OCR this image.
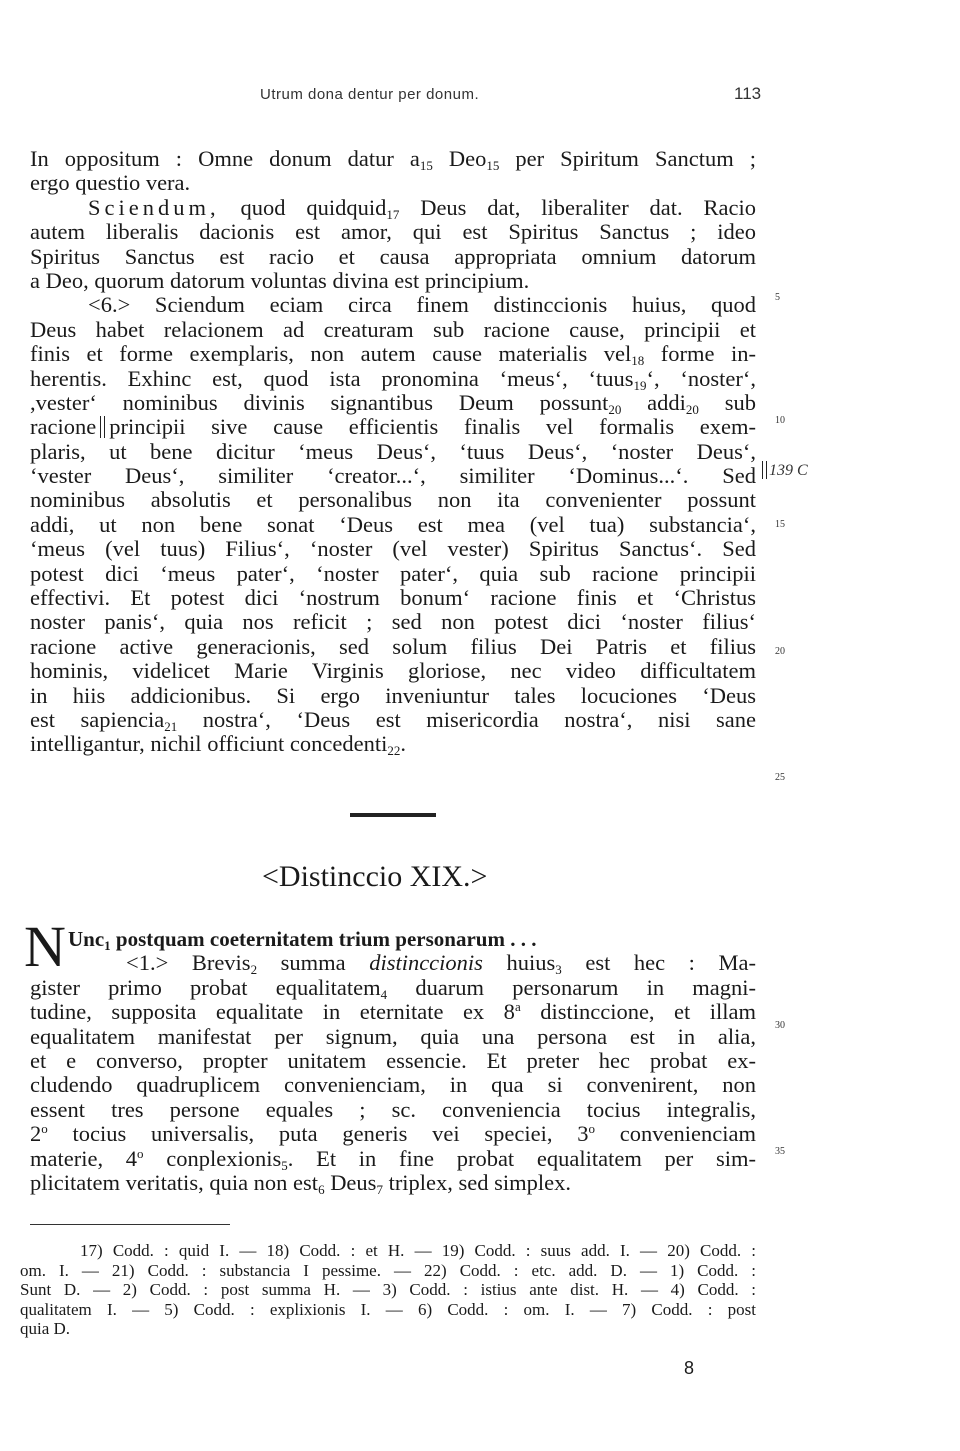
Utrum dona dentur per donum.	113
In oppositum : Omne donum datur $a_{15}$ Deo$_{15}$ per Spiritum Sanctum ;
ergo questio vera.
Sciendum, quod quidquid$_{17}$ Deus dat, liberaliter dat. Racio
autem liberalis dacionis est amor, qui est Spiritus Sanctus ; ideo
Spiritus Sanctus est racio et causa appropriata omnium datorum
a Deo, quorum datorum voluntas divina est principium.
<6.> Sciendum eciam circa finem distinccionis huius, quod
Deus habet relacionem ad creaturam sub racione cause, principii et
finis et forme exemplaris, non autem cause materialis vel$_{18}$ forme in-
herentis. Exhinc est, quod ista pronomina ‘meus‘, ‘tuus$_{19}$‘, ‘noster‘,
,vester‘ nominibus divinis signantibus Deum possunt$_{20}$ addi$_{20}$ sub
racione principii sive cause efficientis finalis vel formalis exem-
plaris, ut bene dicitur ‘meus Deus‘, ‘tuus Deus‘, ‘noster Deus‘,
‘vester Deus‘, similiter ‘creator...‘, similiter ‘Dominus...‘. Sed
nominibus absolutis et personalibus non ita convenienter possunt
addi, ut non bene sonat ‘Deus est mea (vel tua) substancia‘,
‘meus (vel tuus) Filius‘, ‘noster (vel vester) Spiritus Sanctus‘. Sed
potest dici ‘meus pater‘, ‘noster pater‘, quia sub racione principii
effectivi. Et potest dici ‘nostrum bonum‘ racione finis et ‘Christus
noster panis‘, quia nos reficit ; sed non potest dici ‘noster filius‘
racione active generacionis, sed solum filius Dei Patris et filius
hominis, videlicet Marie Virginis gloriose, nec video difficultatem
in hiis addicionibus. Si ergo inveniuntur tales locuciones ‘Deus
est sapiencia$_{21}$ nostra‘, ‘Deus est misericordia nostra‘, nisi sane
intelligantur, nichil officiunt concedenti$_{22}$.
5
10
139 C
15
20
25
<Distinccio XIX.>
N Unc$_1$ postquam coeternitatem trium personarum . . .
<1.> Brevis$_2$ summa distinccionis huius$_3$ est hec : Ma-
gister primo probat equalitatem$_4$ duarum personarum in magni-
tudine, supposita equalitate in eternitate ex 8$^a$ distinccione, et illam
equalitatem manifestat per signum, quia una persona est in alia,
et e converso, propter unitatem essencie. Et preter hec probat ex-
cludendo quadruplicem convenienciam, in qua si convenirent, non
essent tres persone equales ; sc. conveniencia tocius integralis,
2$^o$ tocius universalis, puta generis vei speciei, 3$^o$ convenienciam
materie, 4$^o$ conplexionis$_5$. Et in fine probat equalitatem per sim-
plicitatem veritatis, quia non est$_6$ Deus$_7$ triplex, sed simplex.
30
35
17) Codd. : quid I. — 18) Codd. : et H. — 19) Codd. : suus add. I. — 20) Codd. :
om. I. — 21) Codd. : substancia I pessime. — 22) Codd. : etc. add. D. — 1) Codd. :
Sunt D. — 2) Codd. : post summa H. — 3) Codd. : istius ante dist. H. — 4) Codd. :
qualitatem I. — 5) Codd. : explixionis I. — 6) Codd. : om. I. — 7) Codd. : post
quia D.
8
